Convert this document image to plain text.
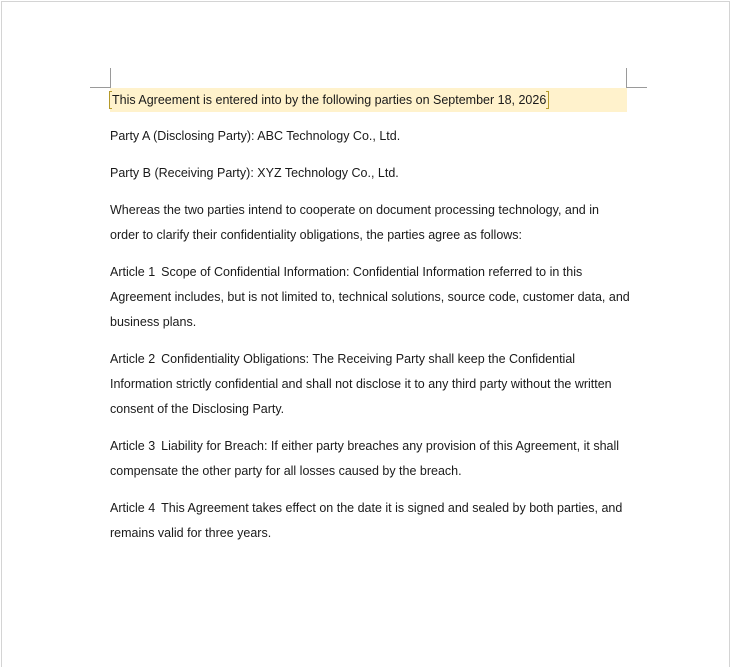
This Agreement is entered into by the following parties on September 18, 2026

Party A (Disclosing Party): ABC Technology Co., Ltd.

Party B (Receiving Party): XYZ Technology Co., Ltd.

Whereas the two parties intend to cooperate on document processing technology, and in order to clarify their confidentiality obligations, the parties agree as follows:

Article 1 Scope of Confidential Information: Confidential Information referred to in this Agreement includes, but is not limited to, technical solutions, source code, customer data, and business plans.

Article 2 Confidentiality Obligations: The Receiving Party shall keep the Confidential Information strictly confidential and shall not disclose it to any third party without the written consent of the Disclosing Party.

Article 3 Liability for Breach: If either party breaches any provision of this Agreement, it shall compensate the other party for all losses caused by the breach.

Article 4 This Agreement takes effect on the date it is signed and sealed by both parties, and remains valid for three years.
